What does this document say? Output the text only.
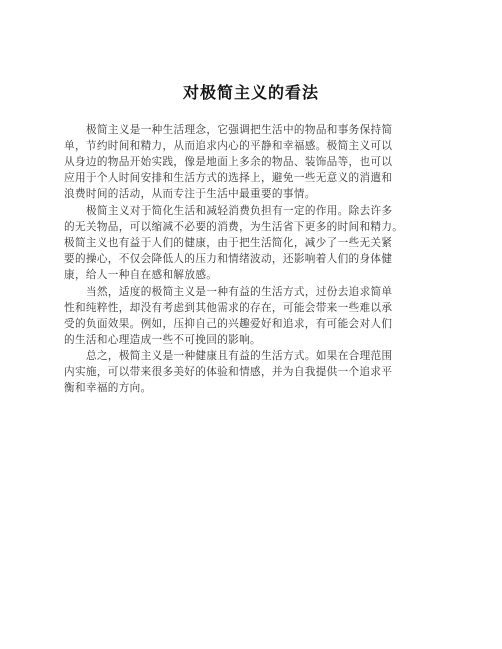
对极简主义的看法

极简主义是一种生活理念，它强调把生活中的物品和事务保持简

单，节约时间和精力，从而追求内心的平静和幸福感。极简主义可以

从身边的物品开始实践，像是地面上多余的物品、装饰品等，也可以

应用于个人时间安排和生活方式的选择上，避免一些无意义的消遣和

浪费时间的活动，从而专注于生活中最重要的事情。

极简主义对于简化生活和减轻消费负担有一定的作用。除去许多

的无关物品，可以缩减不必要的消费，为生活省下更多的时间和精力。

极简主义也有益于人们的健康，由于把生活简化，减少了一些无关紧

要的操心，不仅会降低人的压力和情绪波动，还影响着人们的身体健

康，给人一种自在感和解放感。

当然，适度的极简主义是一种有益的生活方式，过份去追求简单

性和纯粹性，却没有考虑到其他需求的存在，可能会带来一些难以承

受的负面效果。例如，压抑自己的兴趣爱好和追求，有可能会对人们

的生活和心理造成一些不可挽回的影响。

总之，极简主义是一种健康且有益的生活方式。如果在合理范围

内实施，可以带来很多美好的体验和情感，并为自我提供一个追求平

衡和幸福的方向。
